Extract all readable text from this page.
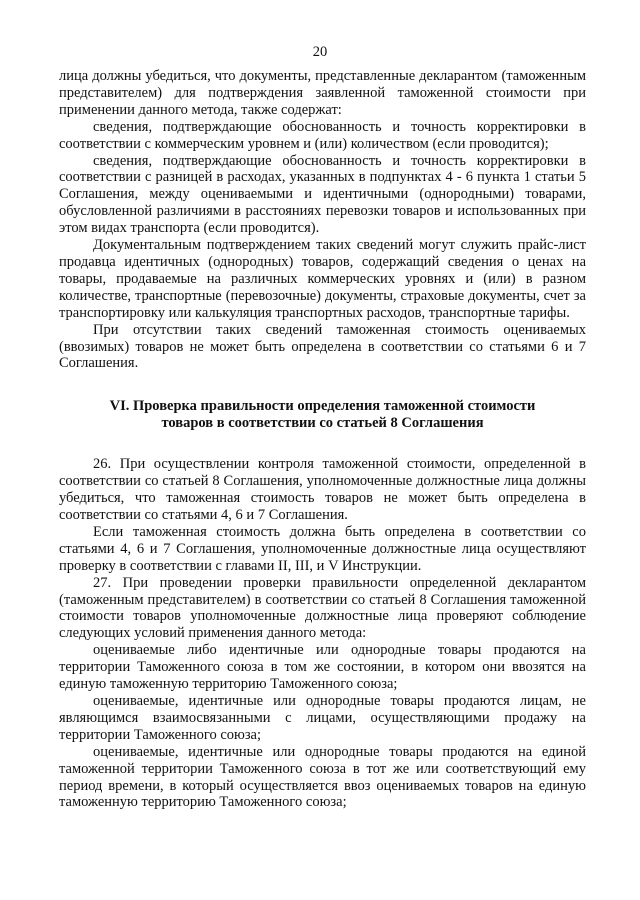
20

лица должны убедиться, что документы, представленные декларантом (таможенным представителем) для подтверждения заявленной таможенной стоимости при применении данного метода, также содержат:

сведения, подтверждающие обоснованность и точность корректировки в соответствии с коммерческим уровнем и (или) количеством (если проводится);

сведения, подтверждающие обоснованность и точность корректировки в соответствии с разницей в расходах, указанных в подпунктах 4 - 6 пункта 1 статьи 5 Соглашения, между оцениваемыми и идентичными (однородными) товарами, обусловленной различиями в расстояниях перевозки товаров и использованных при этом видах транспорта (если проводится).

Документальным подтверждением таких сведений могут служить прайс-лист продавца идентичных (однородных) товаров, содержащий сведения о ценах на товары, продаваемые на различных коммерческих уровнях и (или) в разном количестве, транспортные (перевозочные) документы, страховые документы, счет за транспортировку или калькуляция транспортных расходов, транспортные тарифы.

При отсутствии таких сведений таможенная стоимость оцениваемых (ввозимых) товаров не может быть определена в соответствии со статьями 6 и 7 Соглашения.

VI. Проверка правильности определения таможенной стоимости
товаров в соответствии со статьей 8 Соглашения

26. При осуществлении контроля таможенной стоимости, определенной в соответствии со статьей 8 Соглашения, уполномоченные должностные лица должны убедиться, что таможенная стоимость товаров не может быть определена в соответствии со статьями 4, 6 и 7 Соглашения.

Если таможенная стоимость должна быть определена в соответствии со статьями 4, 6 и 7 Соглашения, уполномоченные должностные лица осуществляют проверку в соответствии с главами II, III, и V Инструкции.

27. При проведении проверки правильности определенной декларантом (таможенным представителем) в соответствии со статьей 8 Соглашения таможенной стоимости товаров уполномоченные должностные лица проверяют соблюдение следующих условий применения данного метода:

оцениваемые либо идентичные или однородные товары продаются на территории Таможенного союза в том же состоянии, в котором они ввозятся на единую таможенную территорию Таможенного союза;

оцениваемые, идентичные или однородные товары продаются лицам, не являющимся взаимосвязанными с лицами, осуществляющими продажу на территории Таможенного союза;

оцениваемые, идентичные или однородные товары продаются на единой таможенной территории Таможенного союза в тот же или соответствующий ему период времени, в который осуществляется ввоз оцениваемых товаров на единую таможенную территорию Таможенного союза;
